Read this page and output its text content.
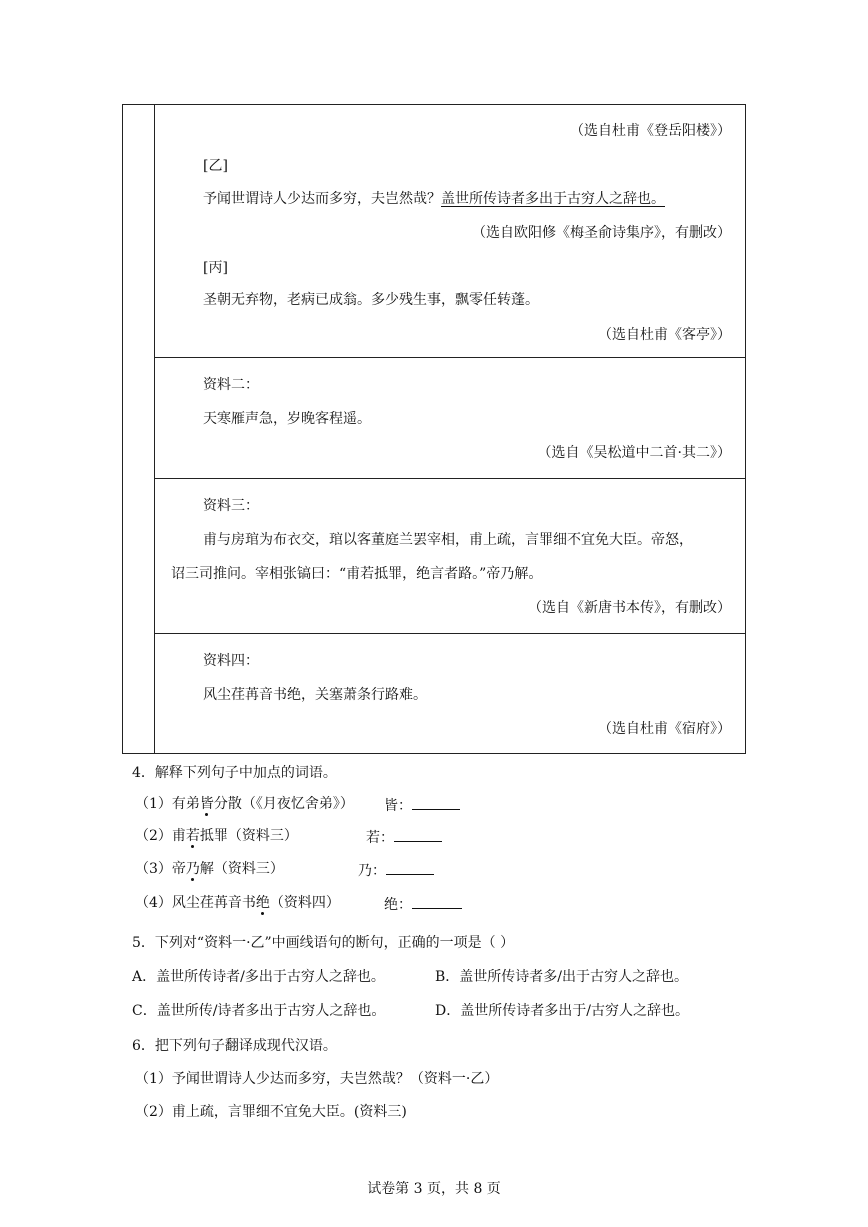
（选自杜甫《登岳阳楼》）
[乙]
予闻世谓诗人少达而多穷，夫岂然哉？盖世所传诗者多出于古穷人之辞也。
（选自欧阳修《梅圣俞诗集序》，有删改）
[丙]
圣朝无弃物，老病已成翁。多少残生事，飘零任转蓬。
（选自杜甫《客亭》）
资料二：
天寒雁声急，岁晚客程遥。
（选自《吴松道中二首·其二》）
资料三：
甫与房琯为布衣交，琯以客董庭兰罢宰相，甫上疏，言罪细不宜免大臣。帝怒，
诏三司推问。宰相张镐曰：“甫若抵罪，绝言者路。”帝乃解。
（选自《新唐书本传》，有删改）
资料四：
风尘荏苒音书绝，关塞萧条行路难。
（选自杜甫《宿府》）
4．解释下列句子中加点的词语。
（1）有弟皆分散（《月夜忆舍弟》） 皆：
（2）甫若抵罪（资料三）	若：
（3）帝乃解（资料三）	乃：
（4）风尘荏苒音书绝（资料四）	绝：
5．下列对“资料一·乙”中画线语句的断句，正确的一项是（ ）
A．盖世所传诗者/多出于古穷人之辞也。	B．盖世所传诗者多/出于古穷人之辞也。
C．盖世所传/诗者多出于古穷人之辞也。	D．盖世所传诗者多出于/古穷人之辞也。
6．把下列句子翻译成现代汉语。
（1）予闻世谓诗人少达而多穷，夫岂然哉？（资料一·乙）
（2）甫上疏，言罪细不宜免大臣。(资料三)
试卷第 3 页，共 8 页
